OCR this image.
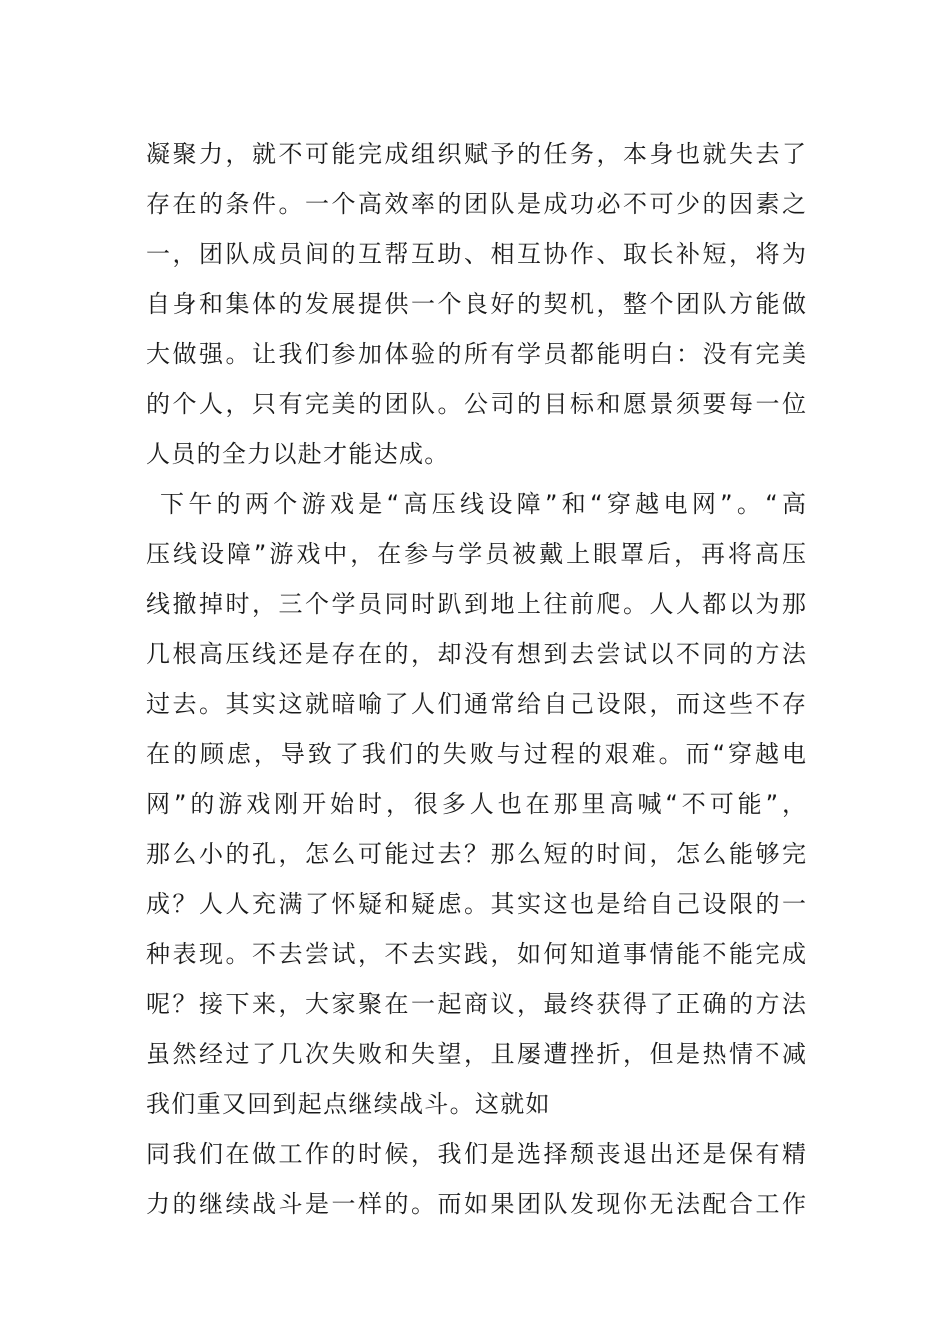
凝聚力，就不可能完成组织赋予的任务，本身也就失去了
存在的条件。一个高效率的团队是成功必不可少的因素之
一，团队成员间的互帮互助、相互协作、取长补短，将为
自身和集体的发展提供一个良好的契机，整个团队方能做
大做强。让我们参加体验的所有学员都能明白：没有完美
的个人，只有完美的团队。公司的目标和愿景须要每一位
人员的全力以赴才能达成。
下午的两个游戏是“高压线设障”和“穿越电网”。“高
压线设障”游戏中，在参与学员被戴上眼罩后，再将高压
线撤掉时，三个学员同时趴到地上往前爬。人人都以为那
几根高压线还是存在的，却没有想到去尝试以不同的方法
过去。其实这就暗喻了人们通常给自己设限，而这些不存
在的顾虑，导致了我们的失败与过程的艰难。而“穿越电
网”的游戏刚开始时，很多人也在那里高喊“不可能”，
那么小的孔，怎么可能过去？那么短的时间，怎么能够完
成？人人充满了怀疑和疑虑。其实这也是给自己设限的一
种表现。不去尝试，不去实践，如何知道事情能不能完成
呢？接下来，大家聚在一起商议，最终获得了正确的方法
虽然经过了几次失败和失望，且屡遭挫折，但是热情不减
我们重又回到起点继续战斗。这就如
同我们在做工作的时候，我们是选择颓丧退出还是保有精
力的继续战斗是一样的。而如果团队发现你无法配合工作
